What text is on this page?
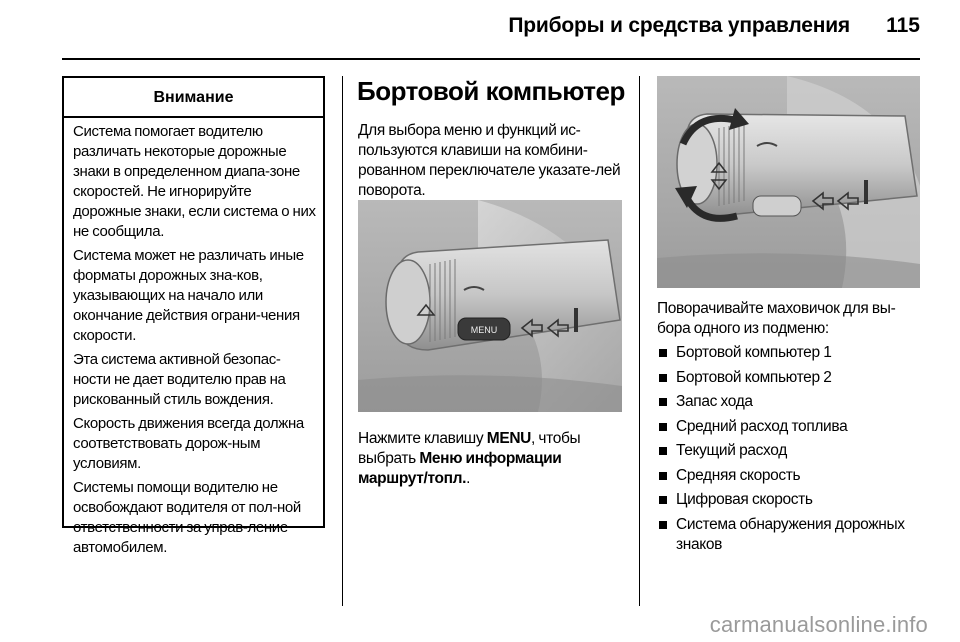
Приборы и средства управления 115
Внимание

Система помогает водителю различать некоторые дорожные знаки в определенном диапа-зоне скоростей. Не игнорируйте дорожные знаки, если система о них не сообщила.

Система может не различать иные форматы дорожных зна-ков, указывающих на начало или окончание действия ограни-чения скорости.

Эта система активной безопас-ности не дает водителю прав на рискованный стиль вождения.

Скорость движения всегда должна соответствовать дорож-ным условиям.

Системы помощи водителю не освобождают водителя от пол-ной ответственности за управ-ление автомобилем.

Бортовой компьютер
Для выбора меню и функций ис-пользуются клавиши на комбини-рованном переключателе указате-лей поворота.
MENU
Нажмите клавишу MENU, чтобы выбрать Меню информации маршрут/топл..
Поворачивайте маховичок для вы-бора одного из подменю:
Бортовой компьютер 1
Бортовой компьютер 2
Запас хода
Средний расход топлива
Текущий расход
Средняя скорость
Цифровая скорость
Система обнаружения дорожных знаков
carmanualsonline.info
